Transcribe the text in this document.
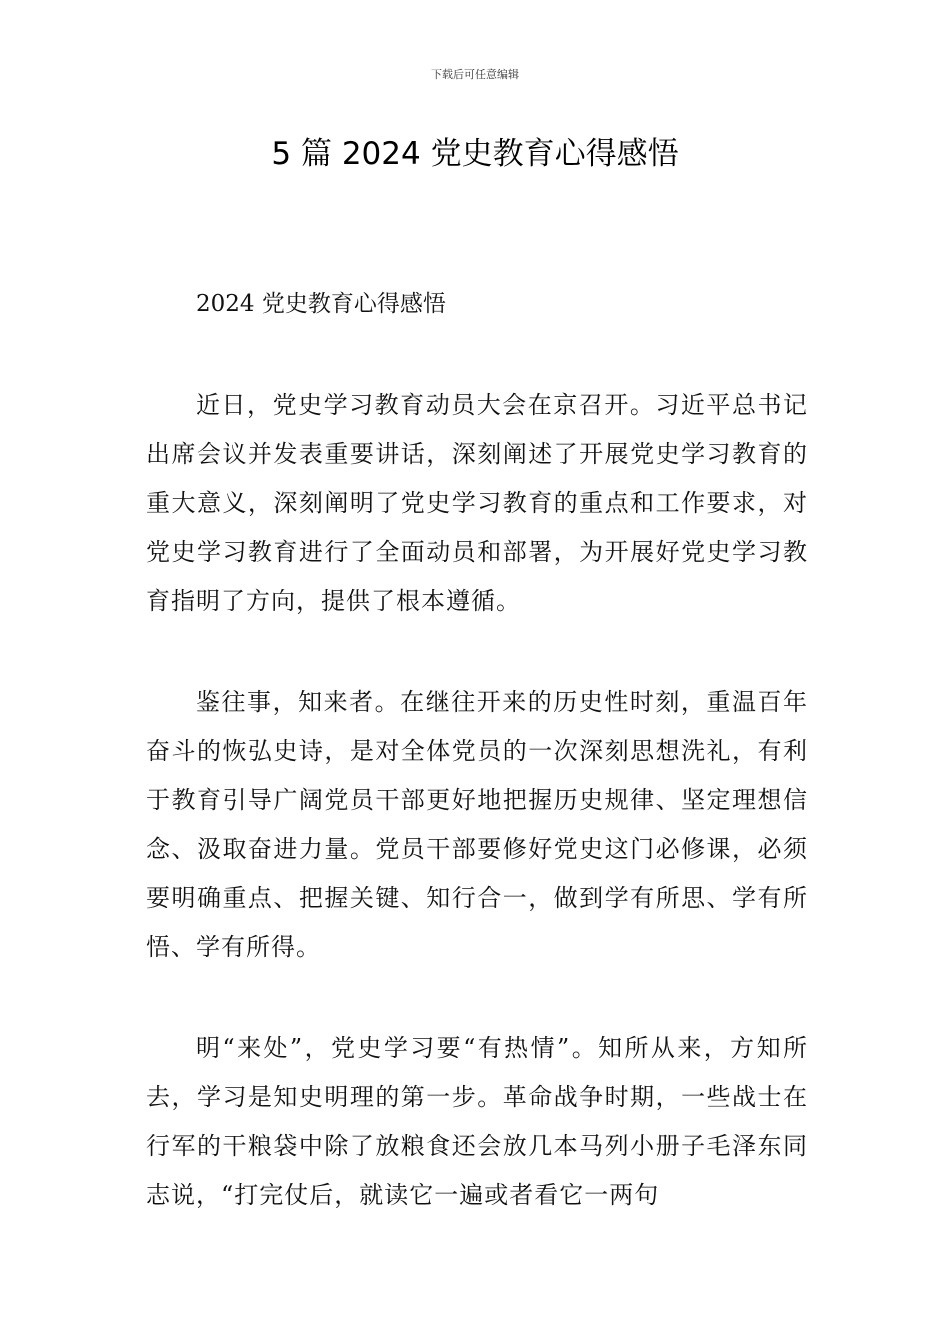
下载后可任意编辑
5 篇 2024 党史教育心得感悟

2024 党史教育心得感悟

近日，党史学习教育动员大会在京召开。习近平总书记出席会议并发表重要讲话，深刻阐述了开展党史学习教育的重大意义，深刻阐明了党史学习教育的重点和工作要求，对党史学习教育进行了全面动员和部署，为开展好党史学习教育指明了方向，提供了根本遵循。

鉴往事，知来者。在继往开来的历史性时刻，重温百年奋斗的恢弘史诗，是对全体党员的一次深刻思想洗礼，有利于教育引导广阔党员干部更好地把握历史规律、坚定理想信念、汲取奋进力量。党员干部要修好党史这门必修课，必须要明确重点、把握关键、知行合一，做到学有所思、学有所悟、学有所得。

明“来处”，党史学习要“有热情”。知所从来，方知所去，学习是知史明理的第一步。革命战争时期，一些战士在行军的干粮袋中除了放粮食还会放几本马列小册子毛泽东同志说，“打完仗后，就读它一遍或者看它一两句
